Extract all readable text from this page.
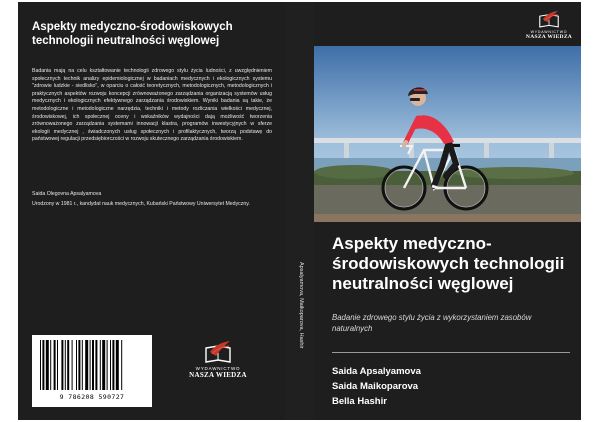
Aspekty medyczno-środowiskowych technologii neutralności węglowej

Badania mają na celu kształtowanie technologii zdrowego stylu życia ludności, z uwzględnieniem społecznych technik analizy epidemiologicznej w badaniach medycznych i ekologicznych systemu "zdrowie ludzkie - siedlisko", w oparciu o całość teoretycznych, metodologicznych, metodologicznych i praktycznych aspektów rozwoju koncepcji zrównoważonego zarządzania organizacją systemów usług medycznych i ekologicznych efektywnego zarządzania środowiskiem. Wyniki badania są takie, że metodologiczne i metodologiczne narzędzia, techniki i metody rozliczania wielkości medycznej, środowiskowej, ich społecznej oceny i wskaźników wydajności dają możliwość tworzenia zrównoważonego zarządzania systemami innowacji klastra, programów inwestycyjnych w sferze ekologii medycznej , świadczonych usług społecznych i profilaktycznych, tworzą podstawę do państwowej regulacji przedsiębiorczości w rozwoju skutecznego zarządzania środowiskiem.

Saida Olegovna Apsalyamova

Urodzony w 1981 r., kandydat nauk medycznych, Kubański Państwowy Uniwersytet Medyczny.

9 786208 590727
WYDAWNICTWO
NASZA WIEDZA
Apsalyamova, Maikoparova, Hashir
WYDAWNICTWO
NASZA WIEDZA
Aspekty medyczno-środowiskowych technologii neutralności węglowej

Badanie zdrowego stylu życia z wykorzystaniem zasobów naturalnych

Saida Apsalyamova
Saida Maikoparova
Bella Hashir
